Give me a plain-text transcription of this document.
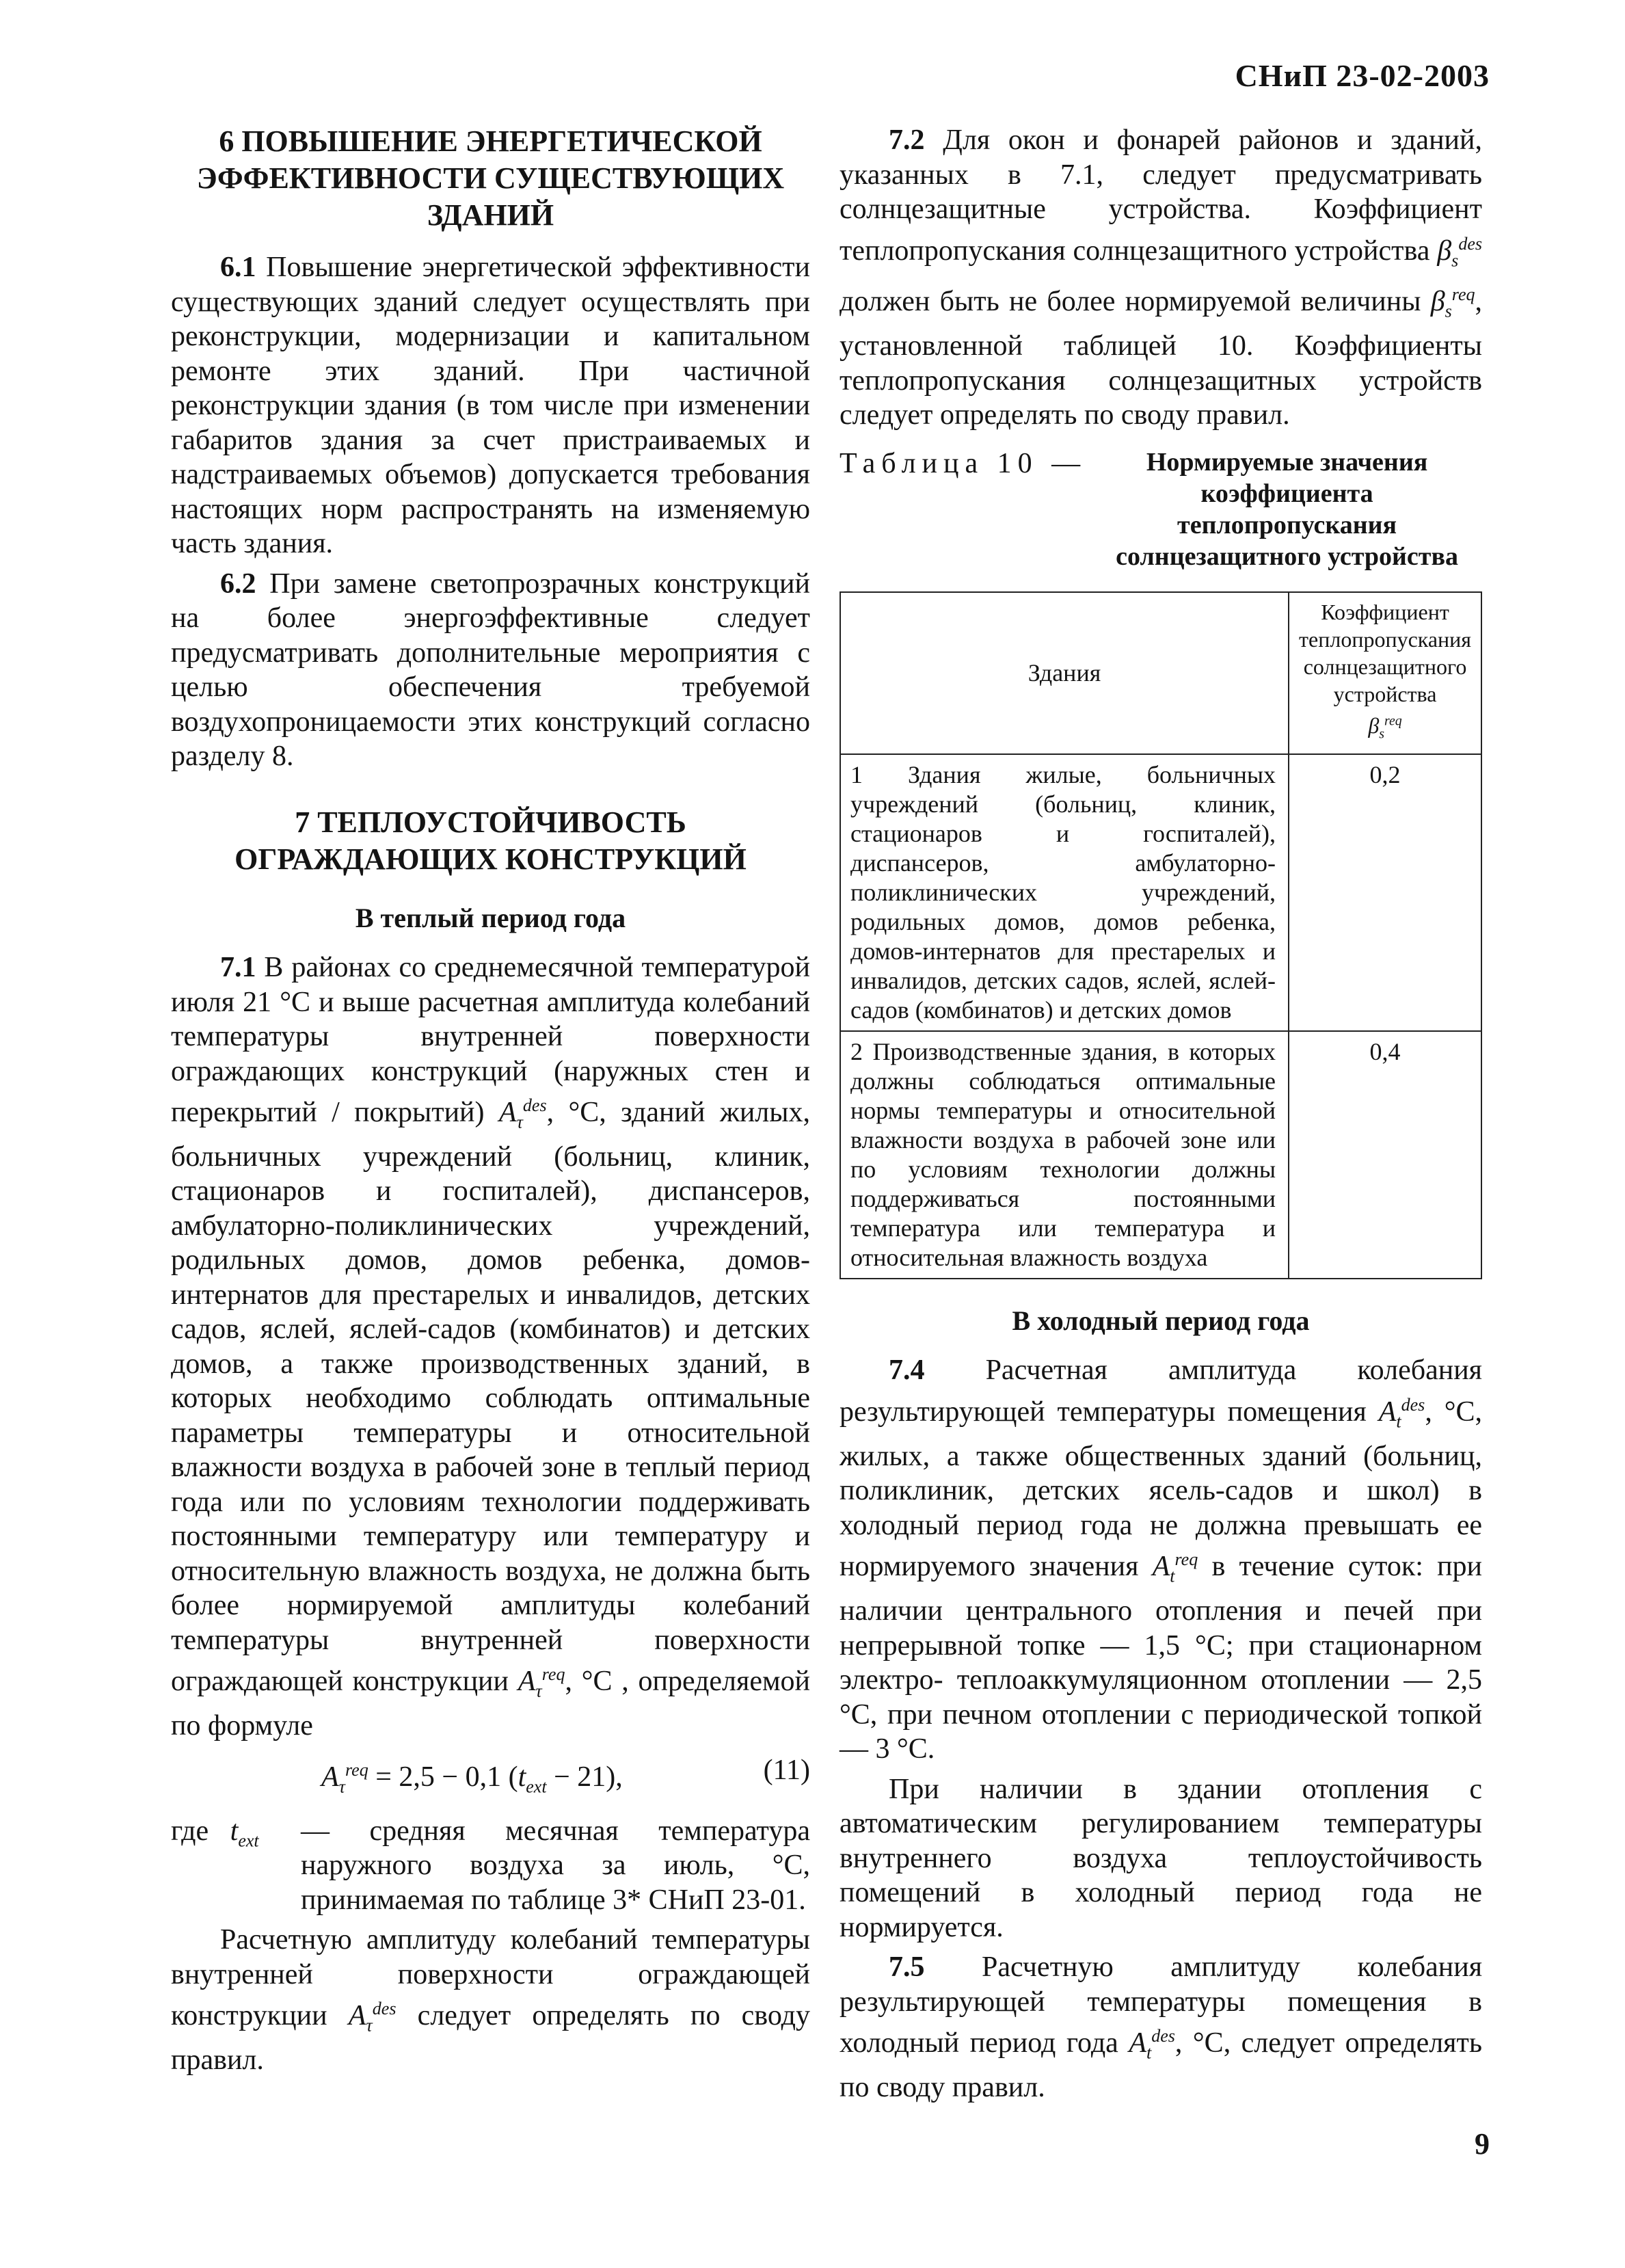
СНиП 23-02-2003
6 ПОВЫШЕНИЕ ЭНЕРГЕТИЧЕСКОЙ ЭФФЕКТИВНОСТИ СУЩЕСТВУЮЩИХ ЗДАНИЙ

6.1 Повышение энергетической эффективности существующих зданий следует осуществлять при реконструкции, модернизации и капитальном ремонте этих зданий. При частичной реконструкции здания (в том числе при изменении габаритов здания за счет пристраиваемых и надстраиваемых объемов) допускается требования настоящих норм распространять на изменяемую часть здания.

6.2 При замене светопрозрачных конструкций на более энергоэффективные следует предусматривать дополнительные мероприятия с целью обеспечения требуемой воздухопроницаемости этих конструкций согласно разделу 8.

7 ТЕПЛОУСТОЙЧИВОСТЬ ОГРАЖДАЮЩИХ КОНСТРУКЦИЙ
В теплый период года

7.1 В районах со среднемесячной температурой июля 21 °С и выше расчетная амплитуда колебаний температуры внутренней поверхности ограждающих конструкций (наружных стен и перекрытий / покрытий) $A_\tau^{des}$, °С, зданий жилых, больничных учреждений (больниц, клиник, стационаров и госпиталей), диспансеров, амбулаторно-поликлинических учреждений, родильных домов, домов ребенка, домов-интернатов для престарелых и инвалидов, детских садов, яслей, яслей-садов (комбинатов) и детских домов, а также производственных зданий, в которых необходимо соблюдать оптимальные параметры температуры и относительной влажности воздуха в рабочей зоне в теплый период года или по условиям технологии поддерживать постоянными температуру или температуру и относительную влажность воздуха, не должна быть более нормируемой амплитуды колебаний температуры внутренней поверхности ограждающей конструкции $A_\tau^{req}$, °С , определяемой по формуле

$A_\tau^{req} = 2,5 - 0,1$ $(t_{ext} - 21)$,	(11)
где $t_{ext}$	— средняя месячная температура наружного воздуха за июль, °С, принимаемая по таблице 3* СНиП 23-01.

Расчетную амплитуду колебаний температуры внутренней поверхности ограждающей конструкции $A_\tau^{des}$ следует определять по своду правил.

7.2 Для окон и фонарей районов и зданий, указанных в 7.1, следует предусматривать солнцезащитные устройства. Коэффициент теплопропускания солнцезащитного устройства $\beta_s^{des}$ должен быть не более нормируемой величины $\beta_s^{req}$, установленной таблицей 10. Коэффициенты теплопропускания солнцезащитных устройств следует определять по своду правил.

Таблица 10 —	Нормируемые значения коэффициента теплопропускания солнцезащитного устройства
Здания	Коэффициент теплопропускания солнцезащитного устройства
$\beta_s^{req}$
1 Здания жилые, больничных учреждений (больниц, клиник, стационаров и госпиталей), диспансеров, амбулаторно-поликлинических учреждений, родильных домов, домов ребенка, домов-интернатов для престарелых и инвалидов, детских садов, яслей, яслей-садов (комбинатов) и детских домов	0,2
2 Производственные здания, в которых должны соблюдаться оптимальные нормы температуры и относительной влажности воздуха в рабочей зоне или по условиям технологии должны поддерживаться постоянными температура или температура и относительная влажность воздуха	0,4
В холодный период года

7.4 Расчетная амплитуда колебания результирующей температуры помещения $A_t^{des}$, °С, жилых, а также общественных зданий (больниц, поликлиник, детских ясель-садов и школ) в холодный период года не должна превышать ее нормируемого значения $A_t^{req}$ в течение суток: при наличии центрального отопления и печей при непрерывной топке — 1,5 °С; при стационарном электро- теплоаккумуляционном отоплении — 2,5 °С, при печном отоплении с периодической топкой — 3 °С.

При наличии в здании отопления с автоматическим регулированием температуры внутреннего воздуха теплоустойчивость помещений в холодный период года не нормируется.

7.5 Расчетную амплитуду колебания результирующей температуры помещения в холодный период года $A_t^{des}$, °С, следует определять по своду правил.

9
